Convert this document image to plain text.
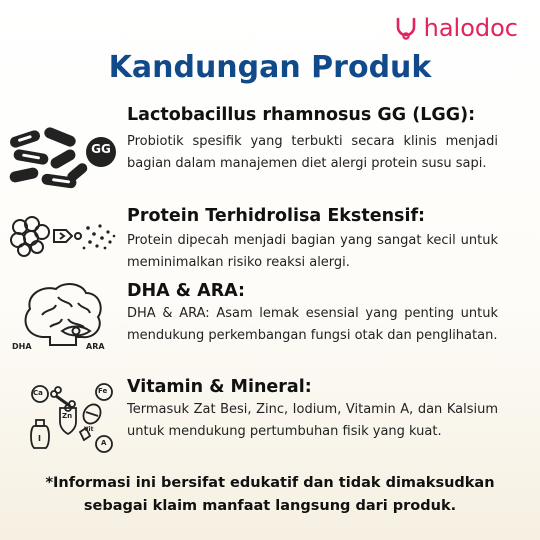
halodoc
Kandungan Produk
GG
Lactobacillus rhamnosus GG (LGG):
Probiotik spesifik yang terbukti secara klinis menjadi bagian dalam manajemen diet alergi protein susu sapi.
Protein Terhidrolisa Ekstensif:
Protein dipecah menjadi bagian yang sangat kecil untuk meminimalkan risiko reaksi alergi.
DHA	ARA
DHA & ARA:
DHA & ARA: Asam lemak esensial yang penting untuk mendukung perkembangan fungsi otak dan penglihatan.
Ca	Fe
Zn
Vit
A
I
Vitamin & Mineral:
Termasuk Zat Besi, Zinc, Iodium, Vitamin A, dan Kalsium untuk mendukung pertumbuhan fisik yang kuat.
*Informasi ini bersifat edukatif dan tidak dimaksudkan sebagai klaim manfaat langsung dari produk.
